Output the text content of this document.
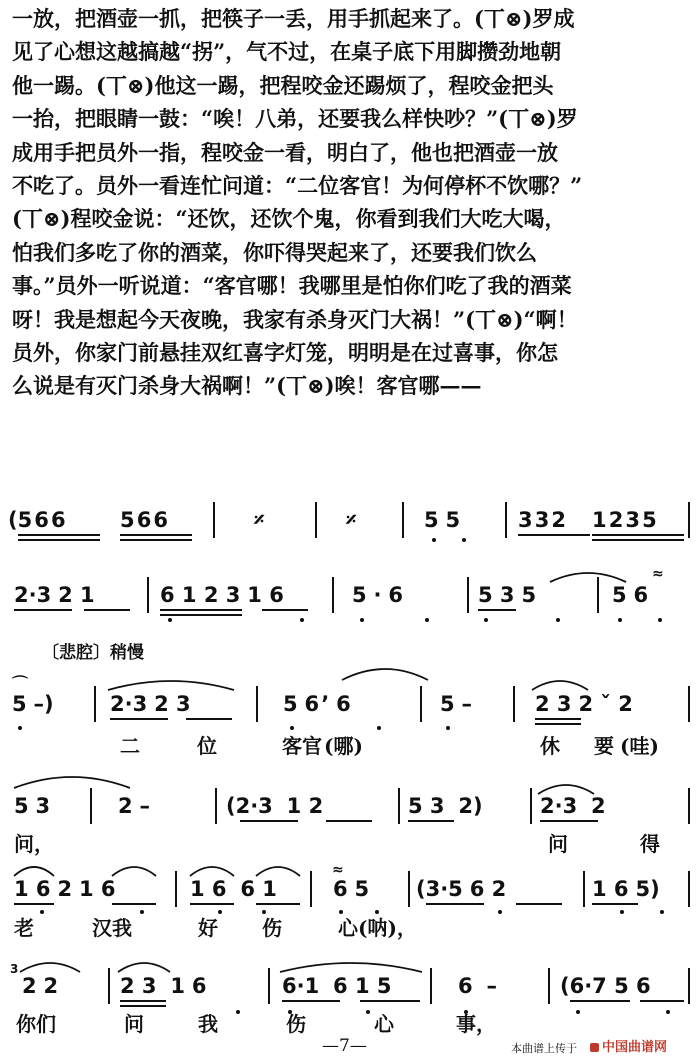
一放，把酒壶一抓，把筷子一丢，用手抓起来了。(丅⊗)罗成
见了心想这越搞越“拐”，气不过，在桌子底下用脚攒劲地朝
他一踢。(丅⊗)他这一踢，把程咬金还踢烦了，程咬金把头
一抬，把眼睛一鼓：“唉！八弟，还要我么样快吵？”(丅⊗)罗
成用手把员外一指，程咬金一看，明白了，他也把酒壶一放
不吃了。员外一看连忙问道：“二位客官！为何停杯不饮哪？”
(丅⊗)程咬金说：“还饮，还饮个鬼，你看到我们大吃大喝，
怕我们多吃了你的酒菜，你吓得哭起来了，还要我们饮么
事。”员外一听说道：“客官哪！我哪里是怕你们吃了我的酒菜
呀！我是想起今天夜晚，我家有杀身灭门大祸！”(丅⊗)“啊！
员外，你家门前悬挂双红喜字灯笼，明明是在过喜事，你怎
么说是有灭门杀身大祸啊！”(丅⊗)唉！客官哪——
(5 6 6	5 6 6	𝄎	𝄎	5 5	3 3 2 1 2 3 5
2·3 2 1	6 1 2 3 1 6	5 · 6	5 3 5	5 6
≈
〔悲腔〕稍慢
5 –)
⌒
2·3 2 3	5 6 ʼ 6	5 –	2 3 2 ˇ 2
二	位	客官 (哪)	休 要 (哇)
5 3	2 –	(2·3  1 2	5 3  2)	2·3  2
问，	问	得
1 6 2 1 6	1 6  6 1	6 5 (3·5 6 2	1 6 5)
≈
老	汉我	好 伤	心(呐)，
3
2 2	2 3  1 6	6·1  6 1 5	6  –	(6·7 5 6
你们	问	我	伤	心	事，
—7—	本曲谱上传于	中国曲谱网
